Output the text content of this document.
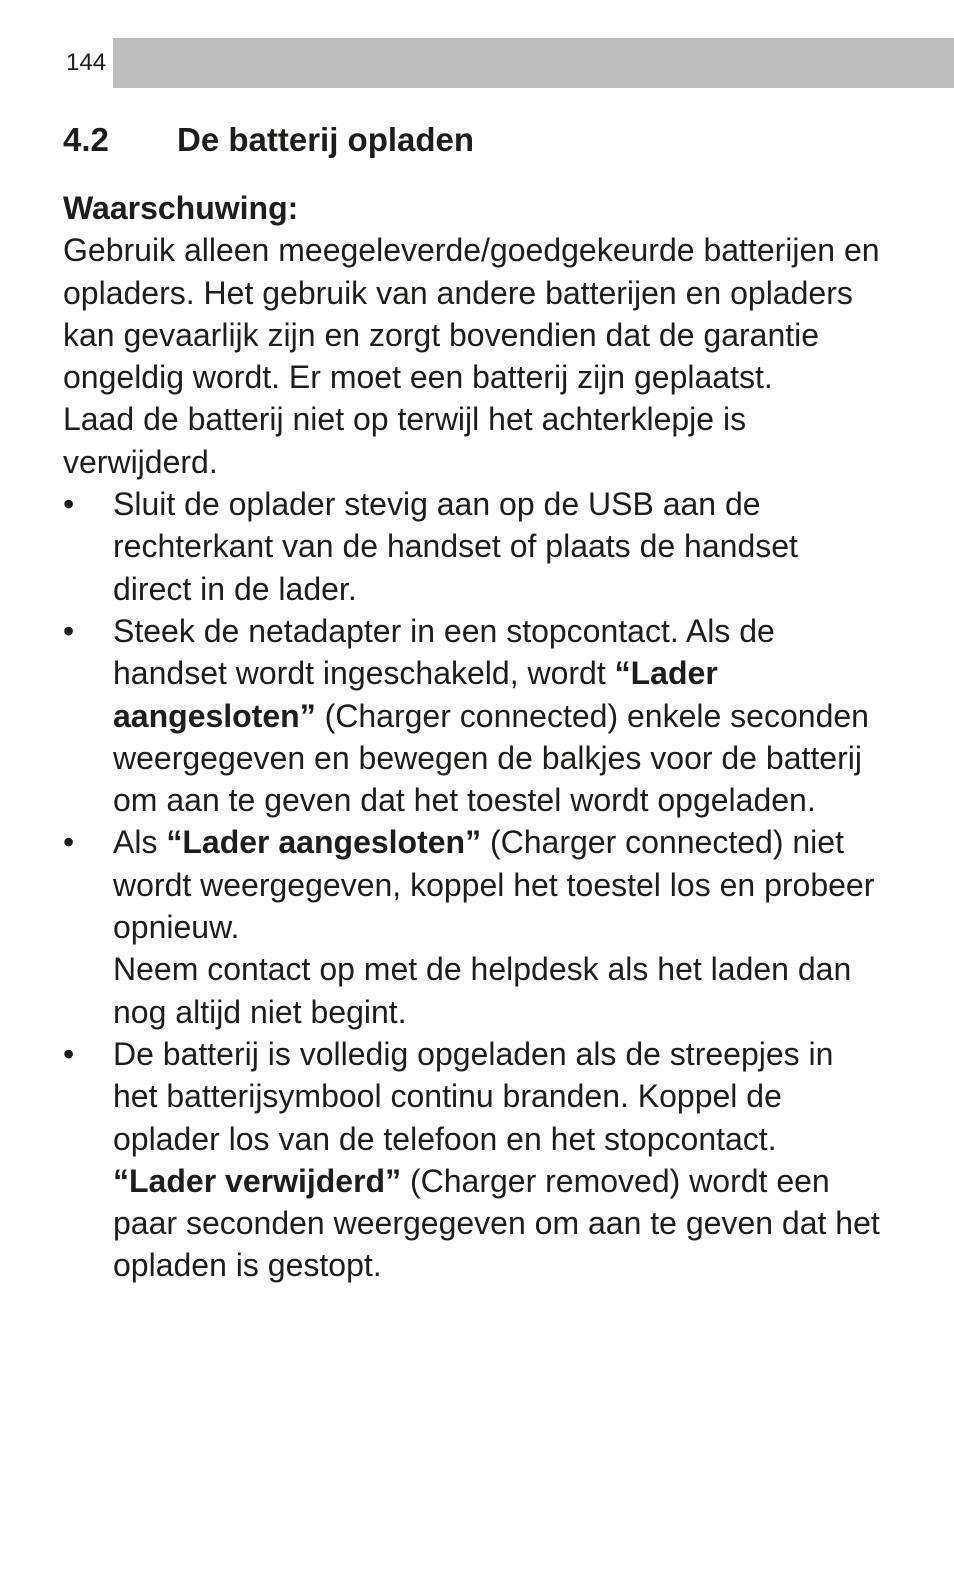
144
4.2 De batterij opladen

Waarschuwing:

Gebruik alleen meegeleverde/goedgekeurde batterijen en opladers. Het gebruik van andere batterijen en opladers kan gevaarlijk zijn en zorgt bovendien dat de garantie ongeldig wordt. Er moet een batterij zijn geplaatst.

Laad de batterij niet op terwijl het achterklepje is verwijderd.

• Sluit de oplader stevig aan op de USB aan de rechterkant van de handset of plaats de handset direct in de lader.
• Steek de netadapter in een stopcontact. Als de handset wordt ingeschakeld, wordt “Lader aangesloten” (Charger connected) enkele seconden weergegeven en bewegen de balkjes voor de batterij om aan te geven dat het toestel wordt opgeladen.
• Als “Lader aangesloten” (Charger connected) niet wordt weergegeven, koppel het toestel los en probeer opnieuw.
Neem contact op met de helpdesk als het laden dan nog altijd niet begint.
• De batterij is volledig opgeladen als de streepjes in het batterijsymbool continu branden. Koppel de oplader los van de telefoon en het stopcontact. “Lader verwijderd” (Charger removed) wordt een paar seconden weergegeven om aan te geven dat het opladen is gestopt.
